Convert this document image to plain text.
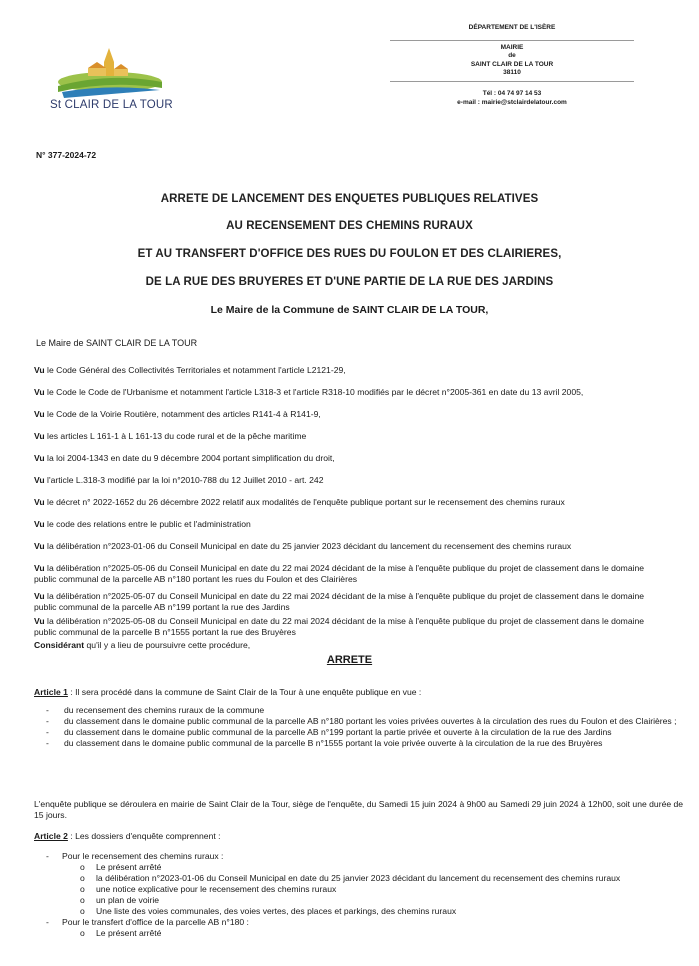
St CLAIR DE LA TOUR
DÉPARTEMENT DE L'ISÈRE
MAIRIE
de
SAINT CLAIR DE LA TOUR
38110
Tél : 04 74 97 14 53
e-mail : mairie@stclairdelatour.com
N° 377-2024-72
ARRETE DE LANCEMENT DES ENQUETES PUBLIQUES RELATIVES
AU RECENSEMENT DES CHEMINS RURAUX
ET AU TRANSFERT D'OFFICE DES RUES DU FOULON ET DES CLAIRIERES,
DE LA RUE DES BRUYERES ET D'UNE PARTIE DE LA RUE DES JARDINS
Le Maire de la Commune de SAINT CLAIR DE LA TOUR,
Le Maire de SAINT CLAIR DE LA TOUR
Vu le Code Général des Collectivités Territoriales et notamment l'article L2121-29,
Vu le Code le Code de l'Urbanisme et notamment l'article L318-3 et l'article R318-10 modifiés par le décret n°2005-361 en date du 13 avril 2005,
Vu le Code de la Voirie Routière, notamment des articles R141-4 à R141-9,
Vu les articles L 161-1 à L 161-13 du code rural et de la pêche maritime
Vu la loi 2004-1343 en date du 9 décembre 2004 portant simplification du droit,
Vu l'article L.318-3 modifié par la loi n°2010-788 du 12 Juillet 2010 - art. 242
Vu le décret n° 2022-1652 du 26 décembre 2022 relatif aux modalités de l'enquête publique portant sur le recensement des chemins ruraux
Vu le code des relations entre le public et l'administration
Vu la délibération n°2023-01-06 du Conseil Municipal en date du 25 janvier 2023 décidant du lancement du recensement des chemins ruraux
Vu la délibération n°2025-05-06 du Conseil Municipal en date du 22 mai 2024 décidant de la mise à l'enquête publique du projet de classement dans le domaine public communal de la parcelle AB n°180 portant les rues du Foulon et des Clairières
Vu la délibération n°2025-05-07 du Conseil Municipal en date du 22 mai 2024 décidant de la mise à l'enquête publique du projet de classement dans le domaine public communal de la parcelle AB n°199 portant la rue des Jardins
Vu la délibération n°2025-05-08 du Conseil Municipal en date du 22 mai 2024 décidant de la mise à l'enquête publique du projet de classement dans le domaine public communal de la parcelle B n°1555 portant la rue des Bruyères
Considérant qu'il y a lieu de poursuivre cette procédure,
ARRETE
Article 1 : Il sera procédé dans la commune de Saint Clair de la Tour à une enquête publique en vue :
- du recensement des chemins ruraux de la commune
- du classement dans le domaine public communal de la parcelle AB n°180 portant les voies privées ouvertes à la circulation des rues du Foulon et des Clairières ;
- du classement dans le domaine public communal de la parcelle AB n°199 portant la partie privée et ouverte à la circulation de la rue des Jardins
- du classement dans le domaine public communal de la parcelle B n°1555 portant la voie privée ouverte à la circulation de la rue des Bruyères
L'enquête publique se déroulera en mairie de Saint Clair de la Tour, siège de l'enquête, du Samedi 15 juin 2024 à 9h00 au Samedi 29 juin 2024 à 12h00, soit une durée de 15 jours.
Article 2 : Les dossiers d'enquête comprennent :
- Pour le recensement des chemins ruraux :
o Le présent arrêté
o la délibération n°2023-01-06 du Conseil Municipal en date du 25 janvier 2023 décidant du lancement du recensement des chemins ruraux
o une notice explicative pour le recensement des chemins ruraux
o un plan de voirie
o Une liste des voies communales, des voies vertes, des places et parkings, des chemins ruraux
- Pour le transfert d'office de la parcelle AB n°180 :
o Le présent arrêté
